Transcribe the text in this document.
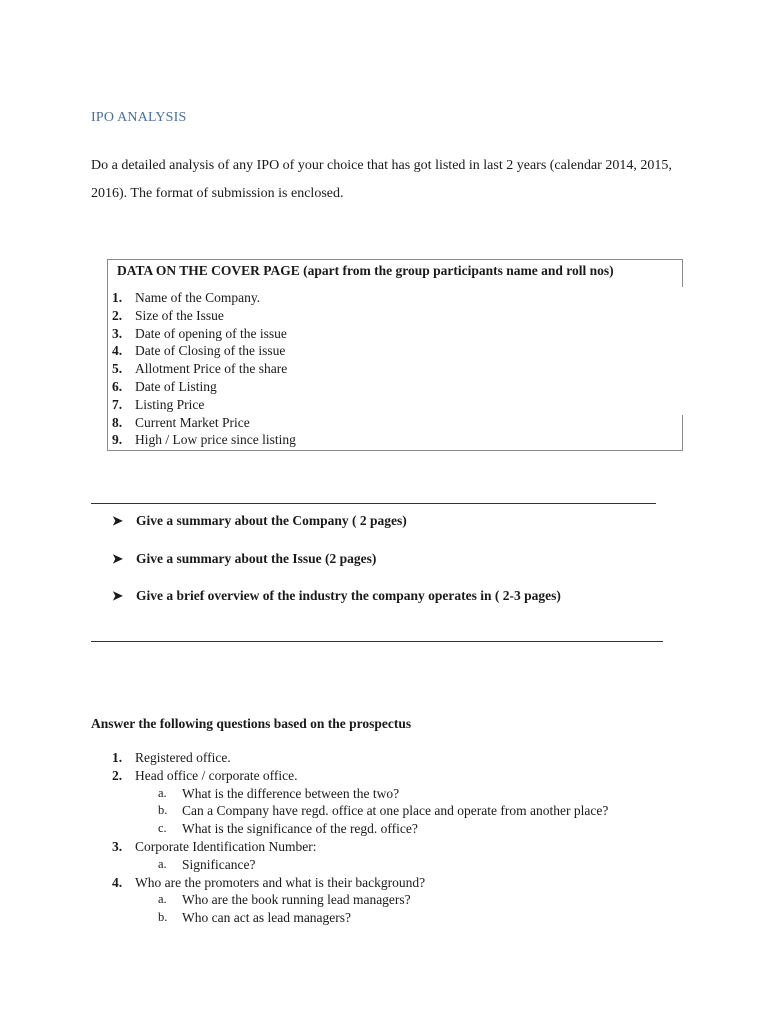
IPO ANALYSIS
Do a detailed analysis of any IPO of your choice that has got listed in last 2 years (calendar 2014, 2015, 2016). The format of submission is enclosed.
DATA ON THE COVER PAGE (apart from the group participants name and roll nos)
1. Name of the Company.
2. Size of the Issue
3. Date of opening of the issue
4. Date of Closing of the issue
5. Allotment Price of the share
6. Date of Listing
7. Listing Price
8. Current Market Price
9. High / Low price since listing
➤ Give a summary about the Company ( 2 pages)
➤ Give a summary about the Issue (2 pages)
➤ Give a brief overview of the industry the company operates in ( 2-3 pages)
Answer the following questions based on the prospectus
1. Registered office.
2. Head office / corporate office.
a.	What is the difference between the two?
b.	Can a Company have regd. office at one place and operate from another place?
c.	What is the significance of the regd. office?
3. Corporate Identification Number:
a.	Significance?
4. Who are the promoters and what is their background?
a.	Who are the book running lead managers?
b.	Who can act as lead managers?
